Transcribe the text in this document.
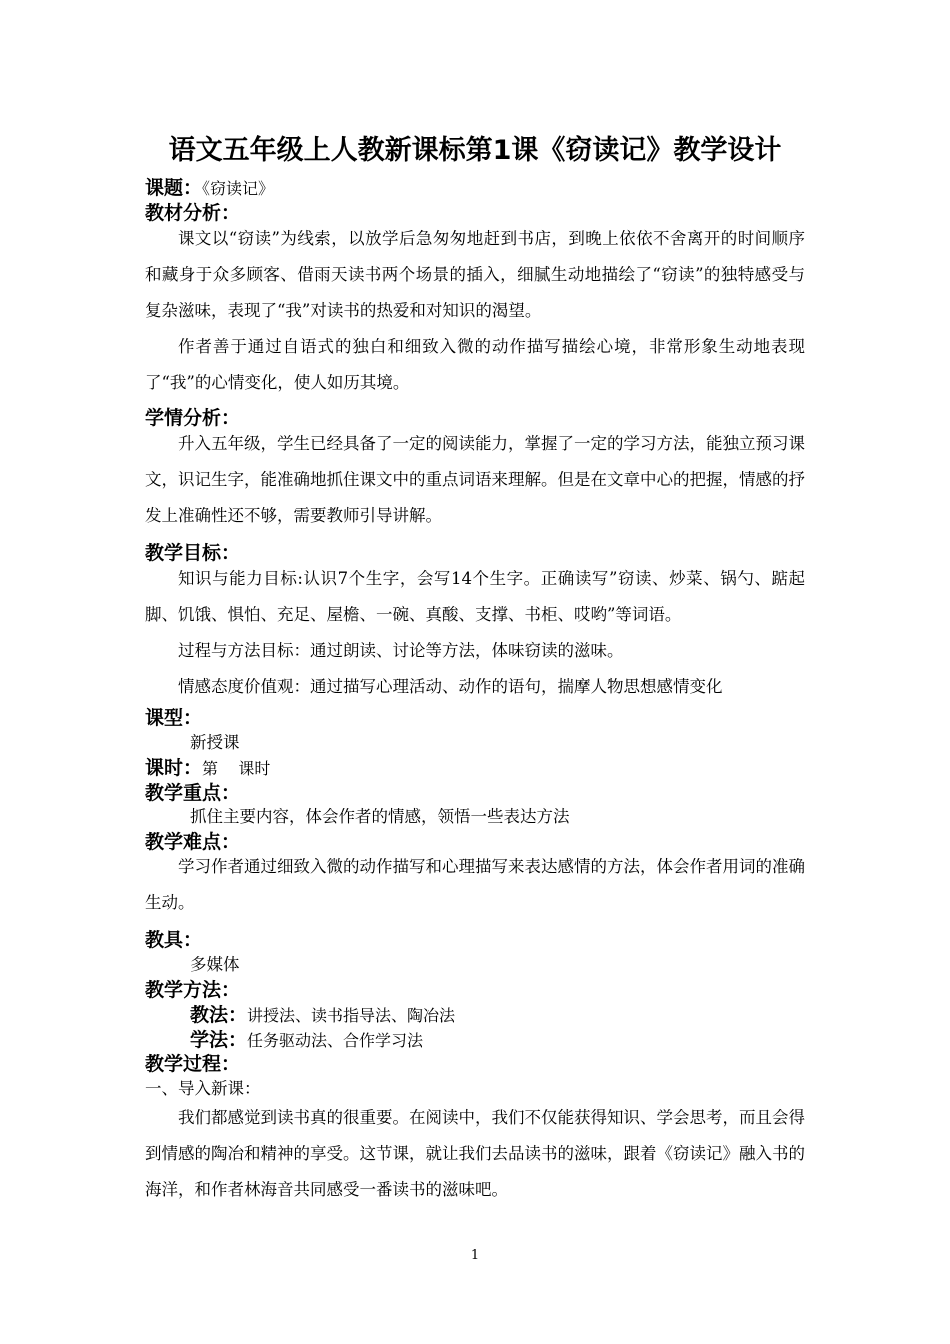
语文五年级上人教新课标第1课《窃读记》教学设计
课题：《窃读记》
教材分析：

课文以“窃读”为线索，以放学后急匆匆地赶到书店，到晚上依依不舍离开的时间顺序和藏身于众多顾客、借雨天读书两个场景的插入，细腻生动地描绘了“窃读”的独特感受与复杂滋味，表现了“我”对读书的热爱和对知识的渴望。

作者善于通过自语式的独白和细致入微的动作描写描绘心境，非常形象生动地表现了“我”的心情变化，使人如历其境。

学情分析：

升入五年级，学生已经具备了一定的阅读能力，掌握了一定的学习方法，能独立预习课文，识记生字，能准确地抓住课文中的重点词语来理解。但是在文章中心的把握，情感的抒发上准确性还不够，需要教师引导讲解。

教学目标：

知识与能力目标:认识7个生字，会写14个生字。正确读写”窃读、炒菜、锅勺、踮起脚、饥饿、惧怕、充足、屋檐、一碗、真酸、支撑、书柜、哎哟”等词语。

过程与方法目标：通过朗读、讨论等方法，体味窃读的滋味。

情感态度价值观：通过描写心理活动、动作的语句，揣摩人物思想感情变化

课型：
新授课
课时：第    课时
教学重点：
抓住主要内容，体会作者的情感，领悟一些表达方法
教学难点：

学习作者通过细致入微的动作描写和心理描写来表达感情的方法，体会作者用词的准确生动。

教具：
多媒体
教学方法：
教法：讲授法、读书指导法、陶冶法
学法：任务驱动法、合作学习法
教学过程：
一、导入新课：

我们都感觉到读书真的很重要。在阅读中，我们不仅能获得知识、学会思考，而且会得到情感的陶冶和精神的享受。这节课，就让我们去品读书的滋味，跟着《窃读记》融入书的海洋，和作者林海音共同感受一番读书的滋味吧。

1
